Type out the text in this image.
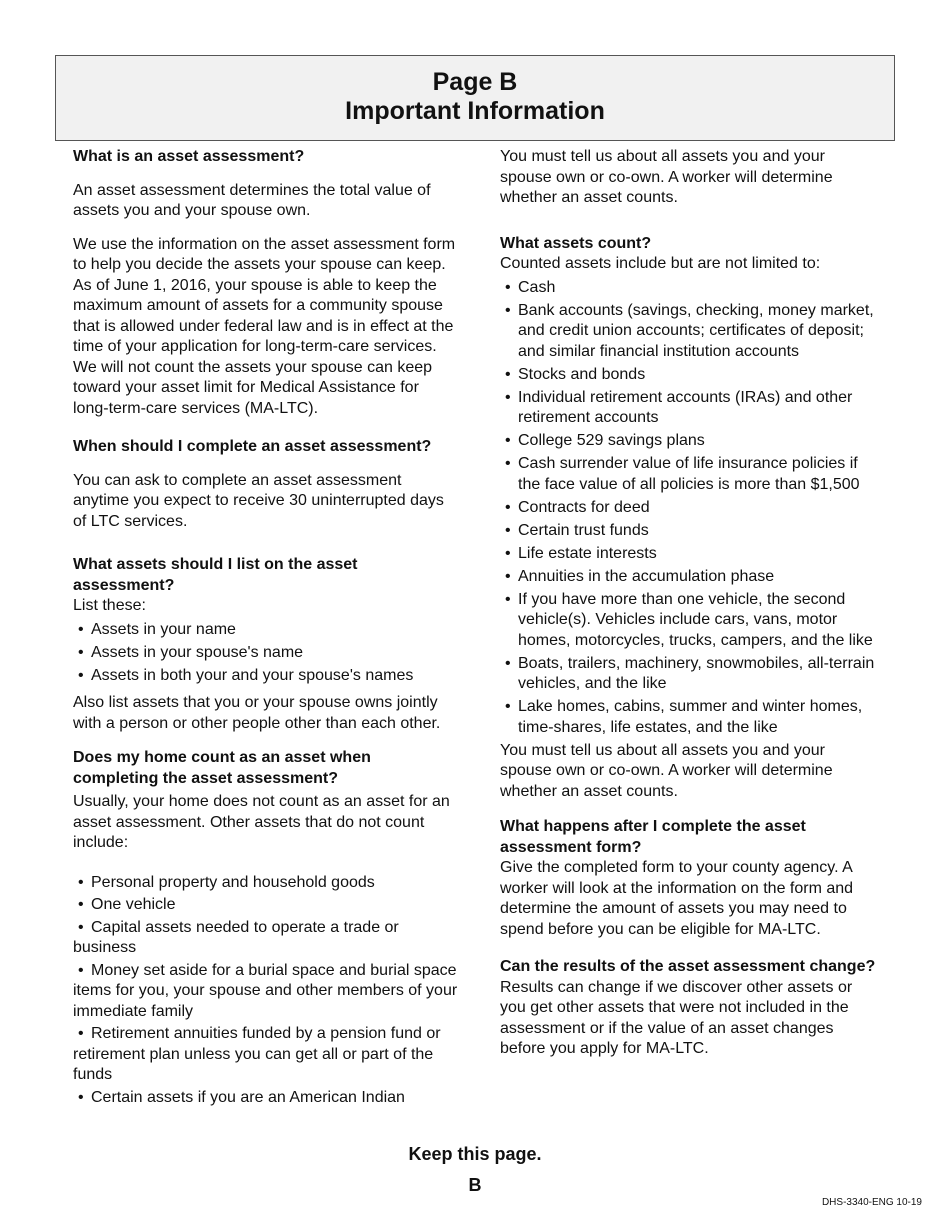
Page B
Important Information
What is an asset assessment?

An asset assessment determines the total value of assets you and your spouse own.

We use the information on the asset assessment form to help you decide the assets your spouse can keep. As of June 1, 2016, your spouse is able to keep the maximum amount of assets for a community spouse that is allowed under federal law and is in effect at the time of your application for long-term-care services. We will not count the assets your spouse can keep toward your asset limit for Medical Assistance for long-term-care services (MA-LTC).

When should I complete an asset assessment?

You can ask to complete an asset assessment anytime you expect to receive 30 uninterrupted days of LTC services.

What assets should I list on the asset assessment?

List these:

• Assets in your name
• Assets in your spouse's name
• Assets in both your and your spouse's names

Also list assets that you or your spouse owns jointly with a person or other people other than each other.

Does my home count as an asset when completing the asset assessment?

Usually, your home does not count as an asset for an asset assessment. Other assets that do not count include:

• Personal property and household goods
• One vehicle
• Capital assets needed to operate a trade or business
• Money set aside for a burial space and burial space items for you, your spouse and other members of your immediate family
• Retirement annuities funded by a pension fund or retirement plan unless you can get all or part of the funds
• Certain assets if you are an American Indian

You must tell us about all assets you and your spouse own or co-own. A worker will determine whether an asset counts.

What assets count?

Counted assets include but are not limited to:

• Cash
• Bank accounts (savings, checking, money market, and credit union accounts; certificates of deposit; and similar financial institution accounts
• Stocks and bonds
• Individual retirement accounts (IRAs) and other retirement accounts
• College 529 savings plans
• Cash surrender value of life insurance policies if the face value of all policies is more than $1,500
• Contracts for deed
• Certain trust funds
• Life estate interests
• Annuities in the accumulation phase
• If you have more than one vehicle, the second vehicle(s). Vehicles include cars, vans, motor homes, motorcycles, trucks, campers, and the like
• Boats, trailers, machinery, snowmobiles, all-terrain vehicles, and the like
• Lake homes, cabins, summer and winter homes, time-shares, life estates, and the like

You must tell us about all assets you and your spouse own or co-own. A worker will determine whether an asset counts.

What happens after I complete the asset assessment form?

Give the completed form to your county agency. A worker will look at the information on the form and determine the amount of assets you may need to spend before you can be eligible for MA-LTC.

Can the results of the asset assessment change?

Results can change if we discover other assets or you get other assets that were not included in the assessment or if the value of an asset changes before you apply for MA-LTC.

Keep this page.
B
DHS-3340-ENG 10-19
